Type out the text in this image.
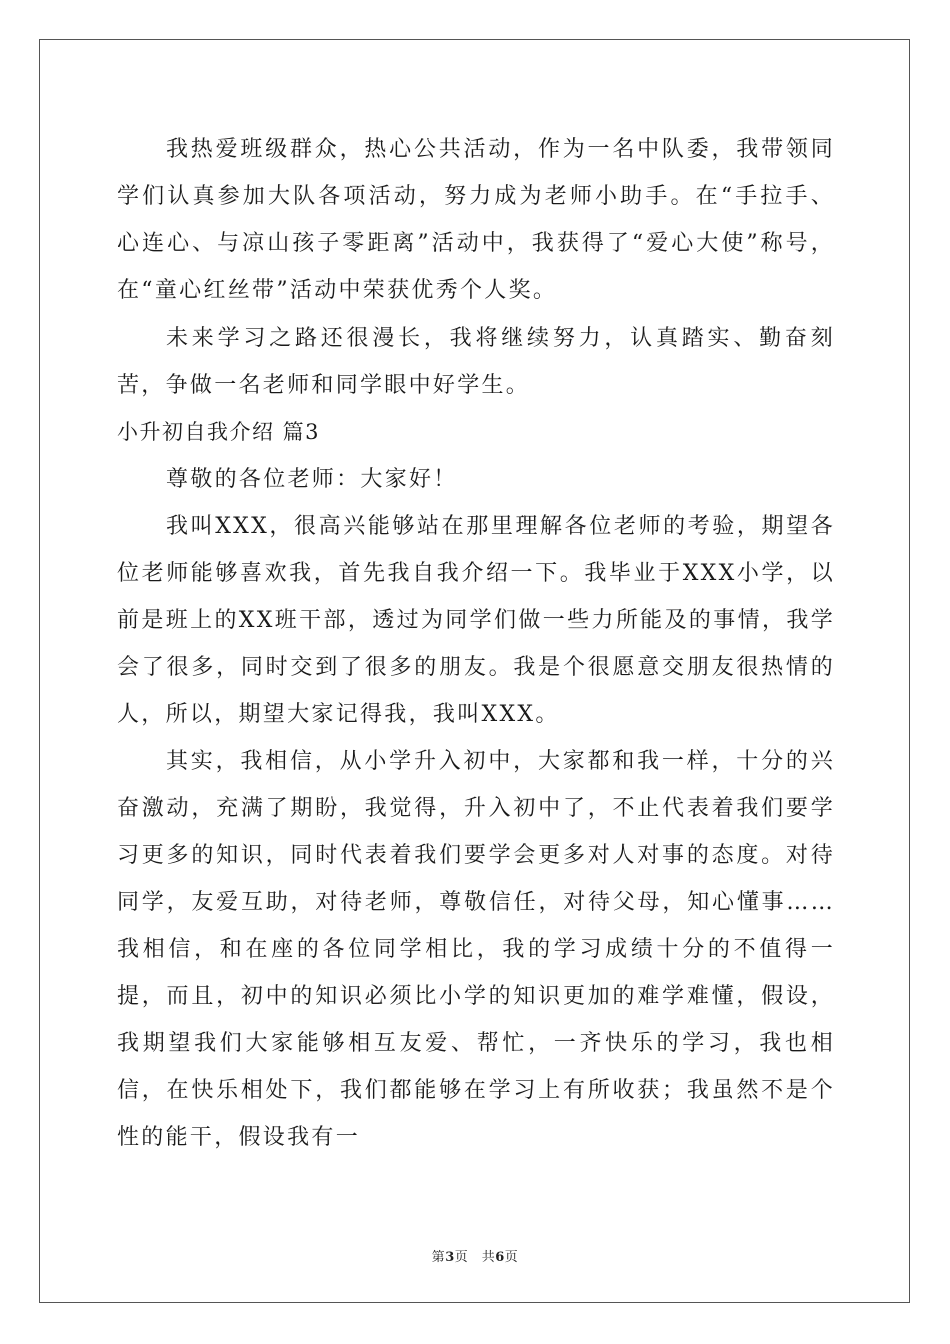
我热爱班级群众，热心公共活动，作为一名中队委，我带领同学们认真参加大队各项活动，努力成为老师小助手。在“手拉手、心连心、与凉山孩子零距离”活动中，我获得了“爱心大使”称号，在“童心红丝带”活动中荣获优秀个人奖。

未来学习之路还很漫长，我将继续努力，认真踏实、勤奋刻苦，争做一名老师和同学眼中好学生。

小升初自我介绍 篇3

尊敬的各位老师：大家好！

我叫XXX，很高兴能够站在那里理解各位老师的考验，期望各位老师能够喜欢我，首先我自我介绍一下。我毕业于XXX小学，以前是班上的XX班干部，透过为同学们做一些力所能及的事情，我学会了很多，同时交到了很多的朋友。我是个很愿意交朋友很热情的人，所以，期望大家记得我，我叫XXX。

其实，我相信，从小学升入初中，大家都和我一样，十分的兴奋激动，充满了期盼，我觉得，升入初中了，不止代表着我们要学习更多的知识，同时代表着我们要学会更多对人对事的态度。对待同学，友爱互助，对待老师，尊敬信任，对待父母，知心懂事……我相信，和在座的各位同学相比，我的学习成绩十分的不值得一提，而且，初中的知识必须比小学的知识更加的难学难懂，假设，我期望我们大家能够相互友爱、帮忙，一齐快乐的学习，我也相信，在快乐相处下，我们都能够在学习上有所收获；我虽然不是个性的能干，假设我有一

第3页　共6页
